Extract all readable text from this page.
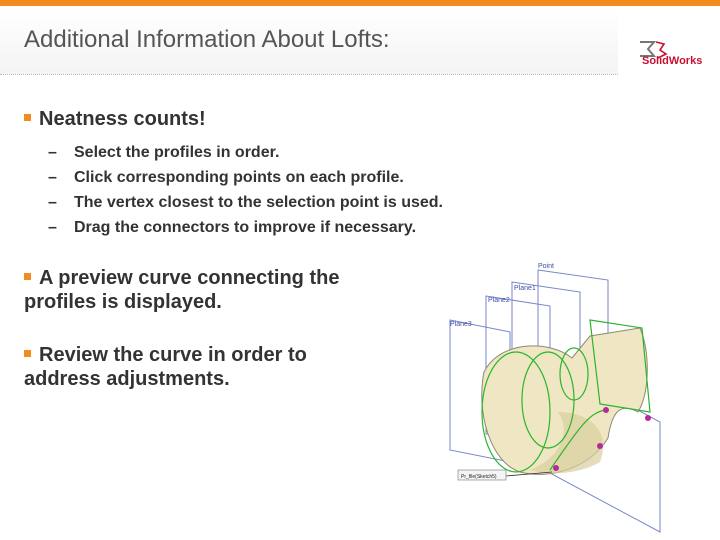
Additional Information About Lofts:
SolidWorks
Neatness counts!
– Select the profiles in order.
– Click corresponding points on each profile.
– The vertex closest to the selection point is used.
– Drag the connectors to improve if necessary.
A preview curve connecting the profiles is displayed.
Review the curve in order to address adjustments.
Pr_file(Sketch5)
Point
Plane1
Plane2
Plane3
